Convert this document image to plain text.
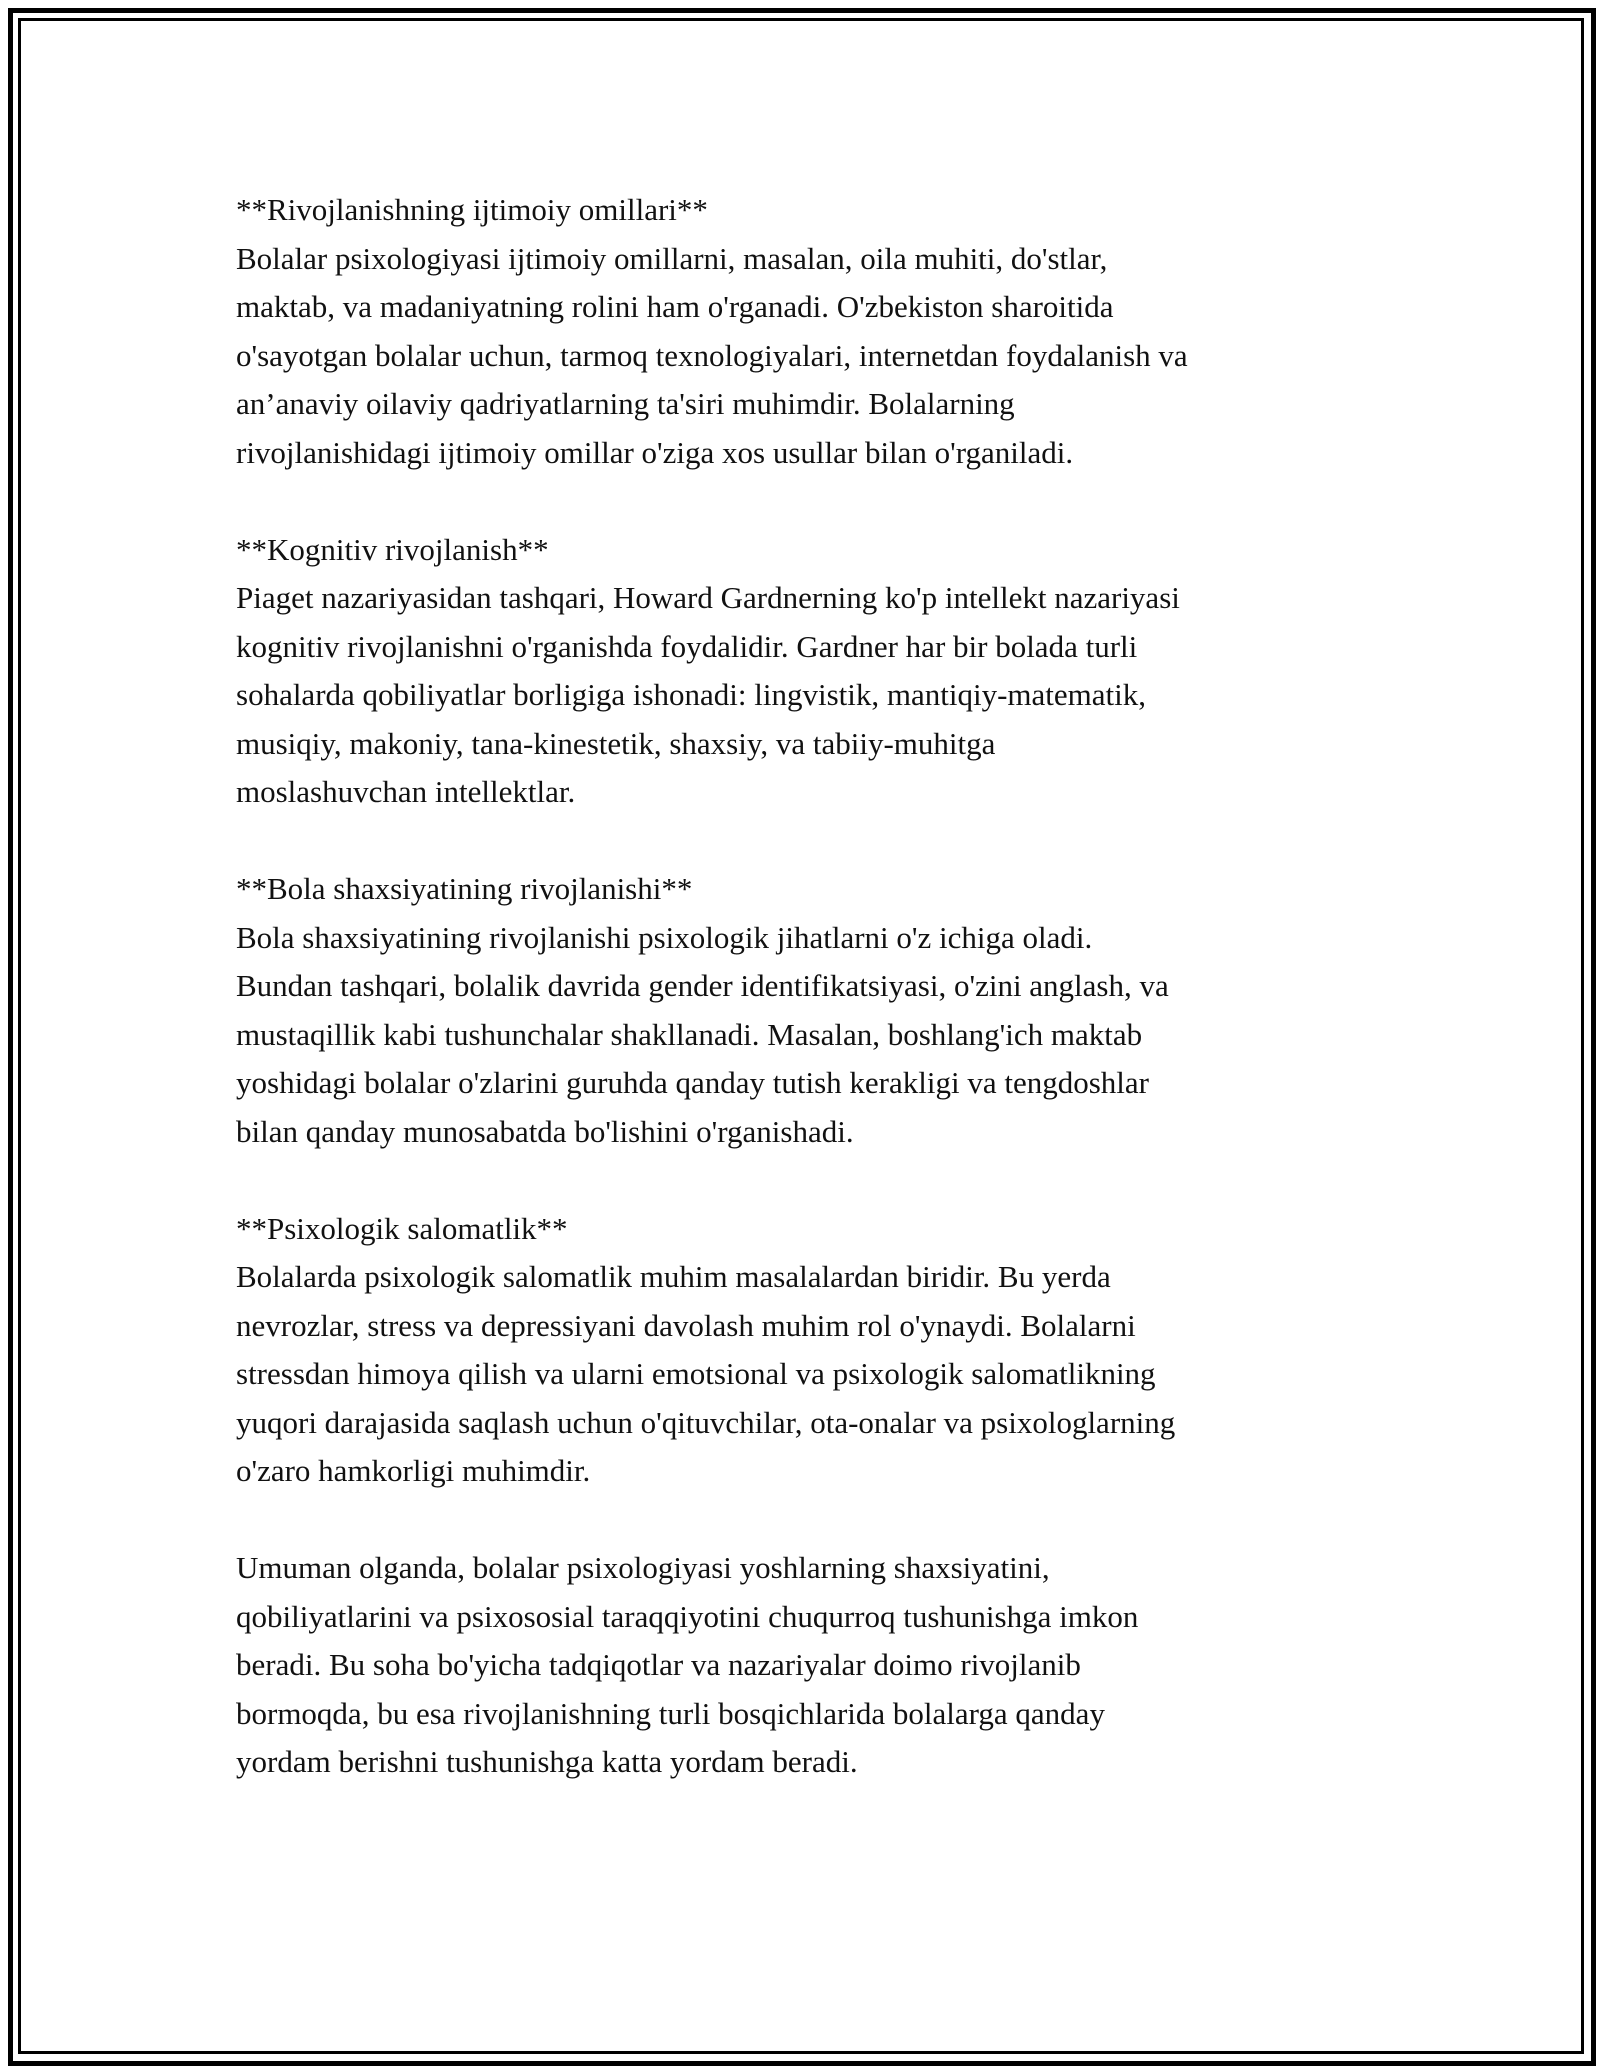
**Rivojlanishning ijtimoiy omillari**
Bolalar psixologiyasi ijtimoiy omillarni, masalan, oila muhiti, do'stlar,
maktab, va madaniyatning rolini ham o'rganadi. O'zbekiston sharoitida
o'sayotgan bolalar uchun, tarmoq texnologiyalari, internetdan foydalanish va
an’anaviy oilaviy qadriyatlarning ta'siri muhimdir. Bolalarning
rivojlanishidagi ijtimoiy omillar o'ziga xos usullar bilan o'rganiladi.
**Kognitiv rivojlanish**
Piaget nazariyasidan tashqari, Howard Gardnerning ko'p intellekt nazariyasi
kognitiv rivojlanishni o'rganishda foydalidir. Gardner har bir bolada turli
sohalarda qobiliyatlar borligiga ishonadi: lingvistik, mantiqiy-matematik,
musiqiy, makoniy, tana-kinestetik, shaxsiy, va tabiiy-muhitga
moslashuvchan intellektlar.
**Bola shaxsiyatining rivojlanishi**
Bola shaxsiyatining rivojlanishi psixologik jihatlarni o'z ichiga oladi.
Bundan tashqari, bolalik davrida gender identifikatsiyasi, o'zini anglash, va
mustaqillik kabi tushunchalar shakllanadi. Masalan, boshlang'ich maktab
yoshidagi bolalar o'zlarini guruhda qanday tutish kerakligi va tengdoshlar
bilan qanday munosabatda bo'lishini o'rganishadi.
**Psixologik salomatlik**
Bolalarda psixologik salomatlik muhim masalalardan biridir. Bu yerda
nevrozlar, stress va depressiyani davolash muhim rol o'ynaydi. Bolalarni
stressdan himoya qilish va ularni emotsional va psixologik salomatlikning
yuqori darajasida saqlash uchun o'qituvchilar, ota-onalar va psixologlarning
o'zaro hamkorligi muhimdir.
Umuman olganda, bolalar psixologiyasi yoshlarning shaxsiyatini,
qobiliyatlarini va psixososial taraqqiyotini chuqurroq tushunishga imkon
beradi. Bu soha bo'yicha tadqiqotlar va nazariyalar doimo rivojlanib
bormoqda, bu esa rivojlanishning turli bosqichlarida bolalarga qanday
yordam berishni tushunishga katta yordam beradi.
